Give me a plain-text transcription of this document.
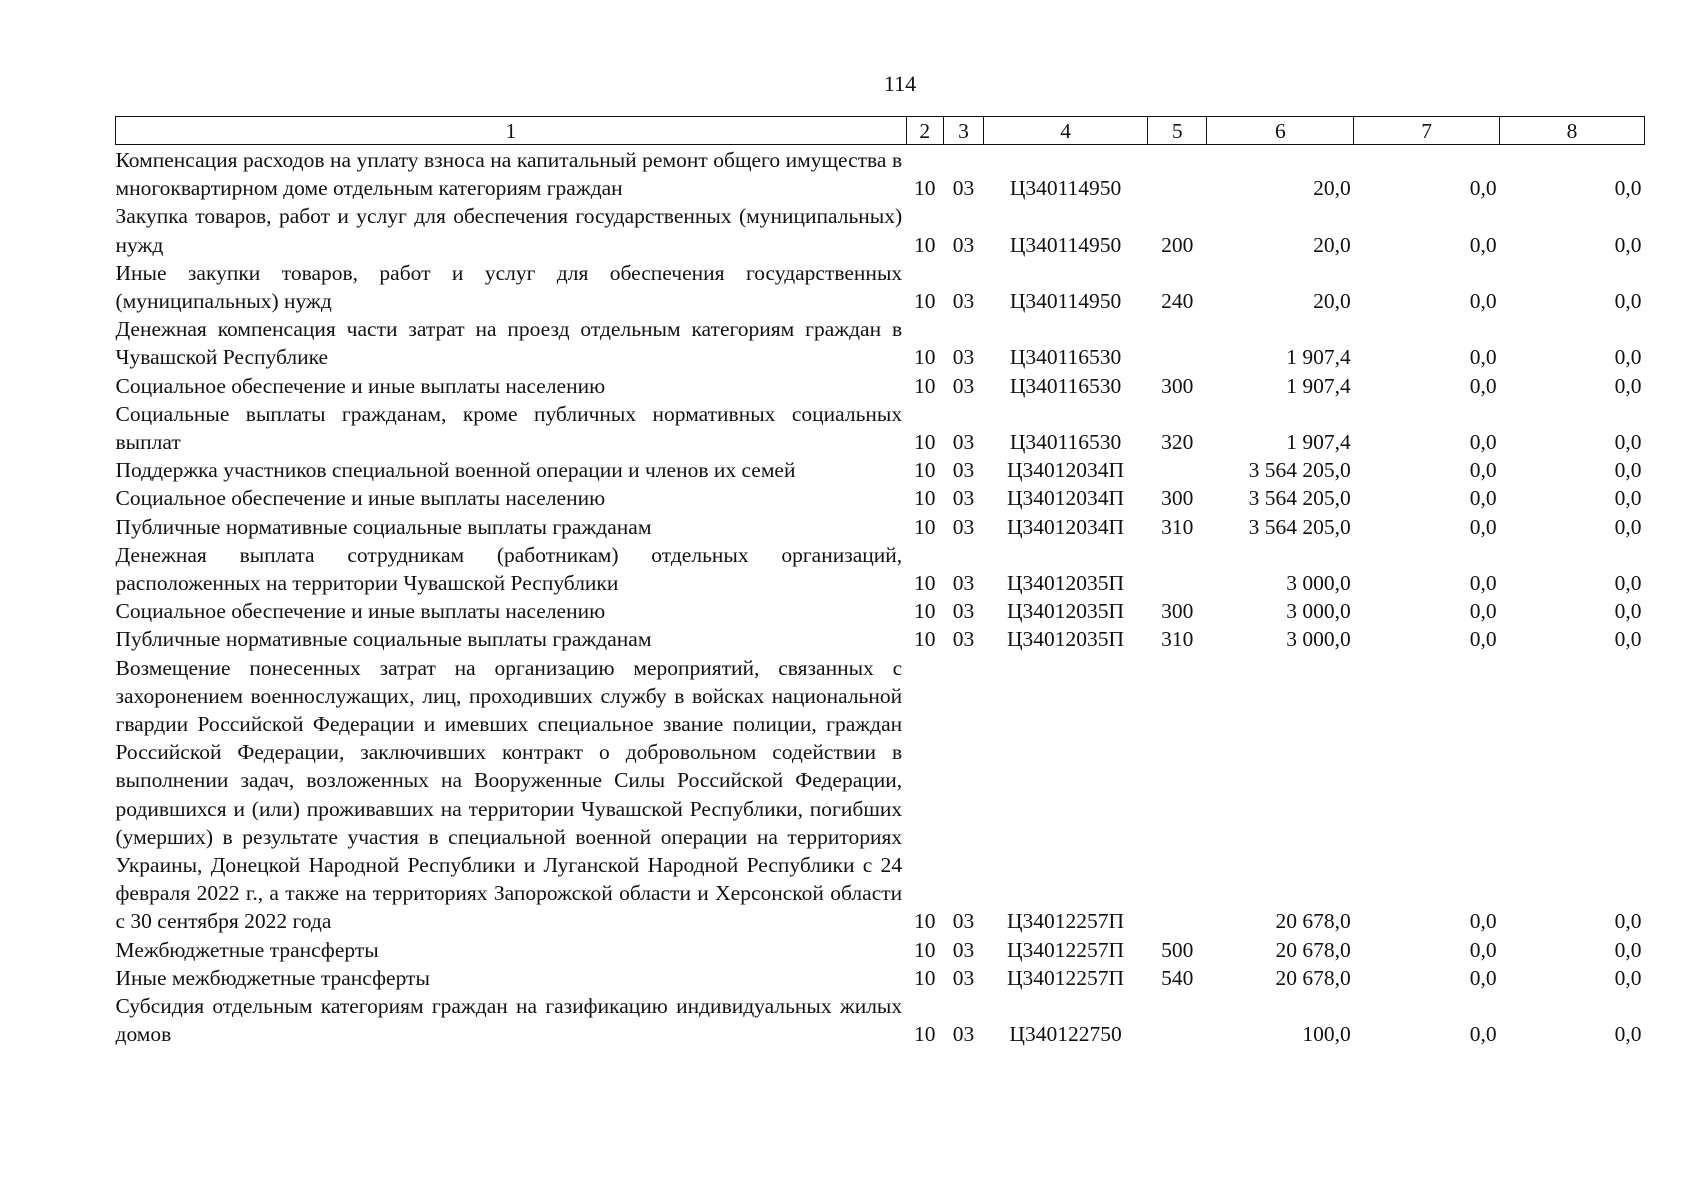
114
1	2	3	4	5	6	7	8
Компенсация расходов на уплату взноса на капитальный ремонт общего имущества в многоквартирном доме отдельным категориям граждан	10	03	Ц340114950		20,0	0,0	0,0
Закупка товаров, работ и услуг для обеспечения государственных (муниципальных) нужд	10	03	Ц340114950	200	20,0	0,0	0,0
Иные закупки товаров, работ и услуг для обеспечения государственных (муниципальных) нужд	10	03	Ц340114950	240	20,0	0,0	0,0
Денежная компенсация части затрат на проезд отдельным категориям граждан в Чувашской Республике	10	03	Ц340116530		1 907,4	0,0	0,0
Социальное обеспечение и иные выплаты населению	10	03	Ц340116530	300	1 907,4	0,0	0,0
Социальные выплаты гражданам, кроме публичных нормативных социальных выплат	10	03	Ц340116530	320	1 907,4	0,0	0,0
Поддержка участников специальной военной операции и членов их семей	10	03	Ц34012034П		3 564 205,0	0,0	0,0
Социальное обеспечение и иные выплаты населению	10	03	Ц34012034П	300	3 564 205,0	0,0	0,0
Публичные нормативные социальные выплаты гражданам	10	03	Ц34012034П	310	3 564 205,0	0,0	0,0
Денежная выплата сотрудникам (работникам) отдельных организаций, расположенных на территории Чувашской Республики	10	03	Ц34012035П		3 000,0	0,0	0,0
Социальное обеспечение и иные выплаты населению	10	03	Ц34012035П	300	3 000,0	0,0	0,0
Публичные нормативные социальные выплаты гражданам	10	03	Ц34012035П	310	3 000,0	0,0	0,0
Возмещение понесенных затрат на организацию мероприятий, связанных с захоронением военнослужащих, лиц, проходивших службу в войсках национальной гвардии Российской Федерации и имевших специальное звание полиции, граждан Российской Федерации, заключивших контракт о добровольном содействии в выполнении задач, возложенных на Вооруженные Силы Российской Федерации, родившихся и (или) проживавших на территории Чувашской Республики, погибших (умерших) в результате участия в специальной военной операции на территориях Украины, Донецкой Народной Республики и Луганской Народной Республики с 24 февраля 2022 г., а также на территориях Запорожской области и Херсонской области с 30 сентября 2022 года	10	03	Ц34012257П		20 678,0	0,0	0,0
Межбюджетные трансферты	10	03	Ц34012257П	500	20 678,0	0,0	0,0
Иные межбюджетные трансферты	10	03	Ц34012257П	540	20 678,0	0,0	0,0
Субсидия отдельным категориям граждан на газификацию индивидуальных жилых домов	10	03	Ц340122750		100,0	0,0	0,0
